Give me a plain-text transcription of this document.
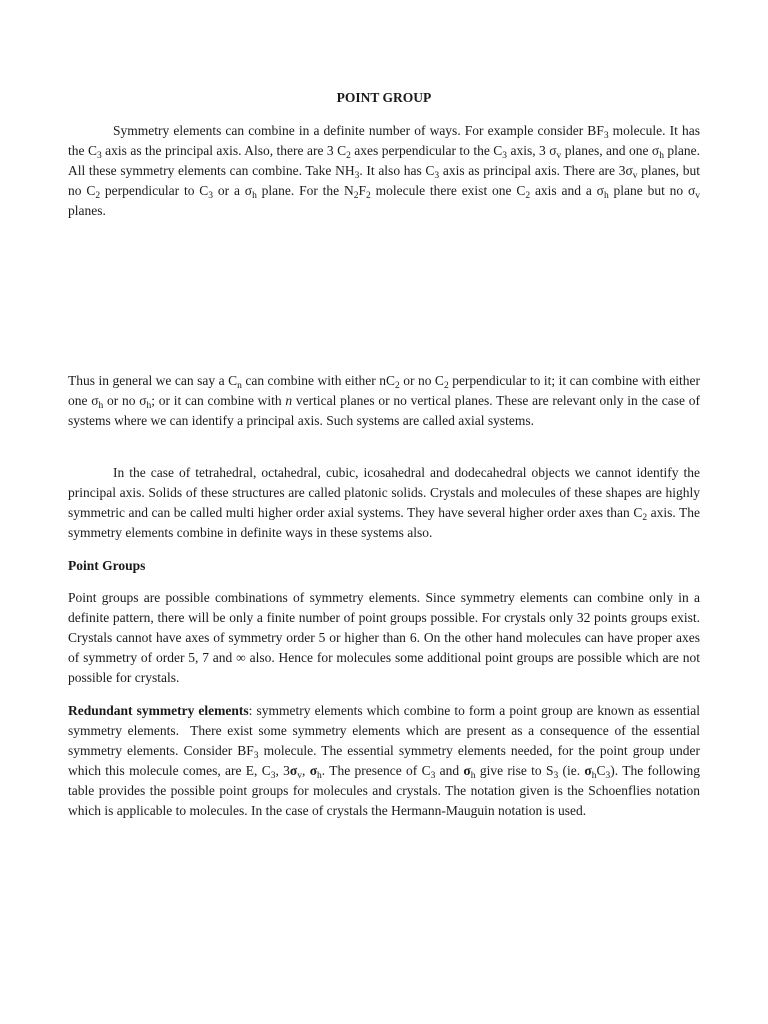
POINT GROUP

Symmetry elements can combine in a definite number of ways. For example consider $BF_3$ molecule. It has the $C_3$ axis as the principal axis. Also, there are 3 $C_2$ axes perpendicular to the $C_3$ axis, 3 $\sigma_v$ planes, and one $\sigma_h$ plane. All these symmetry elements can combine. Take $NH_3$. It also has $C_3$ axis as principal axis. There are $3\sigma_v$ planes, but no $C_2$ perpendicular to $C_3$ or a $\sigma_h$ plane. For the $N_2F_2$ molecule there exist one $C_2$ axis and a $\sigma_h$ plane but no $\sigma_v$ planes.

Thus in general we can say a $C_n$ can combine with either $nC_2$ or no $C_2$ perpendicular to it; it can combine with either one $\sigma_h$ or no $\sigma_h$; or it can combine with n vertical planes or no vertical planes. These are relevant only in the case of systems where we can identify a principal axis. Such systems are called axial systems.

In the case of tetrahedral, octahedral, cubic, icosahedral and dodecahedral objects we cannot identify the principal axis. Solids of these structures are called platonic solids. Crystals and molecules of these shapes are highly symmetric and can be called multi higher order axial systems. They have several higher order axes than $C_2$ axis. The symmetry elements combine in definite ways in these systems also.

Point Groups

Point groups are possible combinations of symmetry elements. Since symmetry elements can combine only in a definite pattern, there will be only a finite number of point groups possible. For crystals only 32 points groups exist. Crystals cannot have axes of symmetry order 5 or higher than 6. On the other hand molecules can have proper axes of symmetry of order 5, 7 and ∞ also. Hence for molecules some additional point groups are possible which are not possible for crystals.

Redundant symmetry elements: symmetry elements which combine to form a point group are known as essential symmetry elements.  There exist some symmetry elements which are present as a consequence of the essential symmetry elements. Consider $BF_3$ molecule. The essential symmetry elements needed, for the point group under which this molecule comes, are E, $C_3$, $3\sigma_v$, $\sigma_h$. The presence of $C_3$ and $\sigma_h$ give rise to $S_3$ (ie. $\sigma_hC_3$). The following table provides the possible point groups for molecules and crystals. The notation given is the Schoenflies notation which is applicable to molecules. In the case of crystals the Hermann-Mauguin notation is used.
